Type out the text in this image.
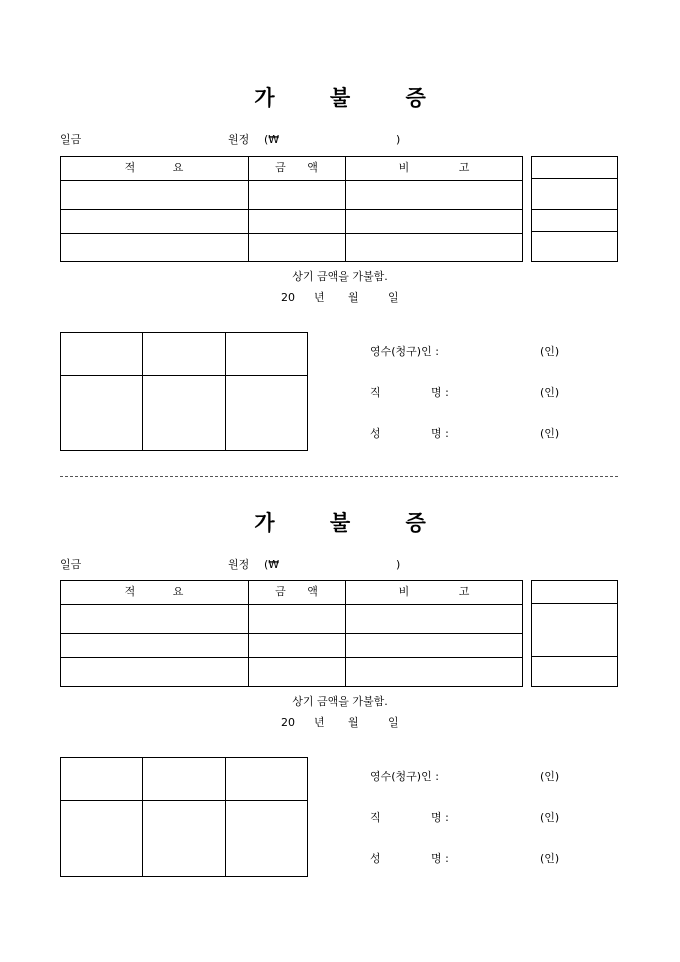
가 불 증
일금	원정 (₩	)
적 요	금 액	비 고
상기 금액을 가불함.
20 년 월	일
영수(청구)인 :	(인)
직	명 :	(인)
성	명 :	(인)
가 불 증
일금	원정 (₩	)
적 요	금 액	비 고
상기 금액을 가불함.
20 년 월	일
영수(청구)인 :	(인)
직	명 :	(인)
성	명 :	(인)
